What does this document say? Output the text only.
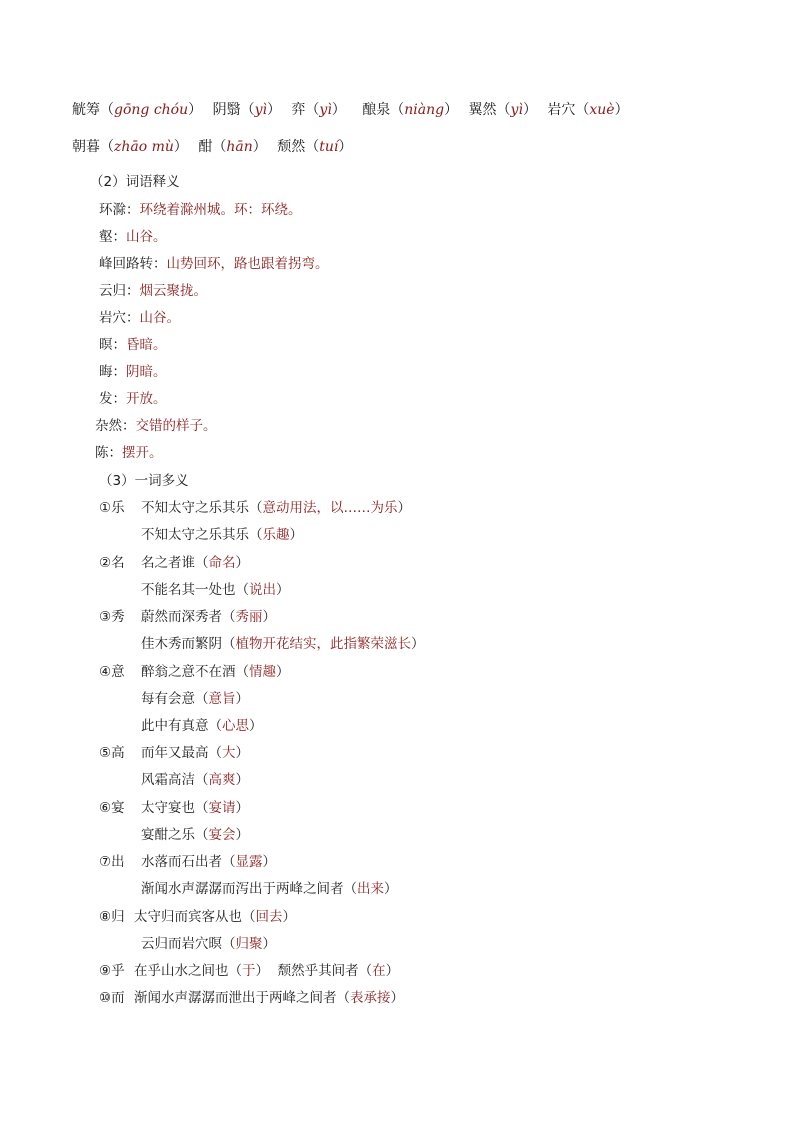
觥筹（gōng chóu） 阴翳（yì） 弈（yì） 酿泉（niàng） 翼然（yì） 岩穴（xuè）
朝暮（zhāo mù） 酣（hān） 颓然（tuí）
（2）词语释义
环滁：环绕着滁州城。环：环绕。
壑：山谷。
峰回路转：山势回环，路也跟着拐弯。
云归：烟云聚拢。
岩穴：山谷。
暝：昏暗。
晦：阴暗。
发：开放。
杂然：交错的样子。
陈：摆开。
（3）一词多义
①乐 不知太守之乐其乐（意动用法，以……为乐）
不知太守之乐其乐（乐趣）
②名 名之者谁（命名）
不能名其一处也（说出）
③秀 蔚然而深秀者（秀丽）
佳木秀而繁阴（植物开花结实，此指繁荣滋长）
④意 醉翁之意不在酒（情趣）
每有会意（意旨）
此中有真意（心思）
⑤高 而年又最高（大）
风霜高洁（高爽）
⑥宴 太守宴也（宴请）
宴酣之乐（宴会）
⑦出 水落而石出者（显露）
渐闻水声潺潺而泻出于两峰之间者（出来）
⑧归 太守归而宾客从也（回去）
云归而岩穴暝（归聚）
⑨乎 在乎山水之间也（于）  颓然乎其间者（在）
⑩而 渐闻水声潺潺而泄出于两峰之间者（表承接）
